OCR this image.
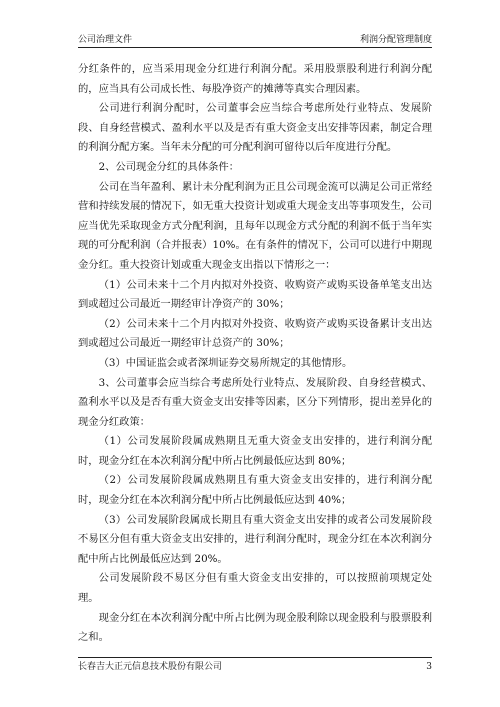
公司治理文件	利润分配管理制度

分红条件的，应当采用现金分红进行利润分配。采用股票股利进行利润分配的，应当具有公司成长性、每股净资产的摊薄等真实合理因素。

公司进行利润分配时，公司董事会应当综合考虑所处行业特点、发展阶段、自身经营模式、盈利水平以及是否有重大资金支出安排等因素，制定合理的利润分配方案。当年未分配的可分配利润可留待以后年度进行分配。

2、公司现金分红的具体条件：

公司在当年盈利、累计未分配利润为正且公司现金流可以满足公司正常经营和持续发展的情况下，如无重大投资计划或重大现金支出等事项发生，公司应当优先采取现金方式分配利润，且每年以现金方式分配的利润不低于当年实现的可分配利润（合并报表）10%。在有条件的情况下，公司可以进行中期现金分红。重大投资计划或重大现金支出指以下情形之一：

（1）公司未来十二个月内拟对外投资、收购资产或购买设备单笔支出达到或超过公司最近一期经审计净资产的 30%；

（2）公司未来十二个月内拟对外投资、收购资产或购买设备累计支出达到或超过公司最近一期经审计总资产的 30%；

（3）中国证监会或者深圳证券交易所规定的其他情形。

3、公司董事会应当综合考虑所处行业特点、发展阶段、自身经营模式、盈利水平以及是否有重大资金支出安排等因素，区分下列情形，提出差异化的现金分红政策：

（1）公司发展阶段属成熟期且无重大资金支出安排的，进行利润分配时，现金分红在本次利润分配中所占比例最低应达到 80%；

（2）公司发展阶段属成熟期且有重大资金支出安排的，进行利润分配时，现金分红在本次利润分配中所占比例最低应达到 40%；

（3）公司发展阶段属成长期且有重大资金支出安排的或者公司发展阶段不易区分但有重大资金支出安排的，进行利润分配时，现金分红在本次利润分配中所占比例最低应达到 20%。

公司发展阶段不易区分但有重大资金支出安排的，可以按照前项规定处理。

现金分红在本次利润分配中所占比例为现金股利除以现金股利与股票股利之和。

长春吉大正元信息技术股份有限公司	3
